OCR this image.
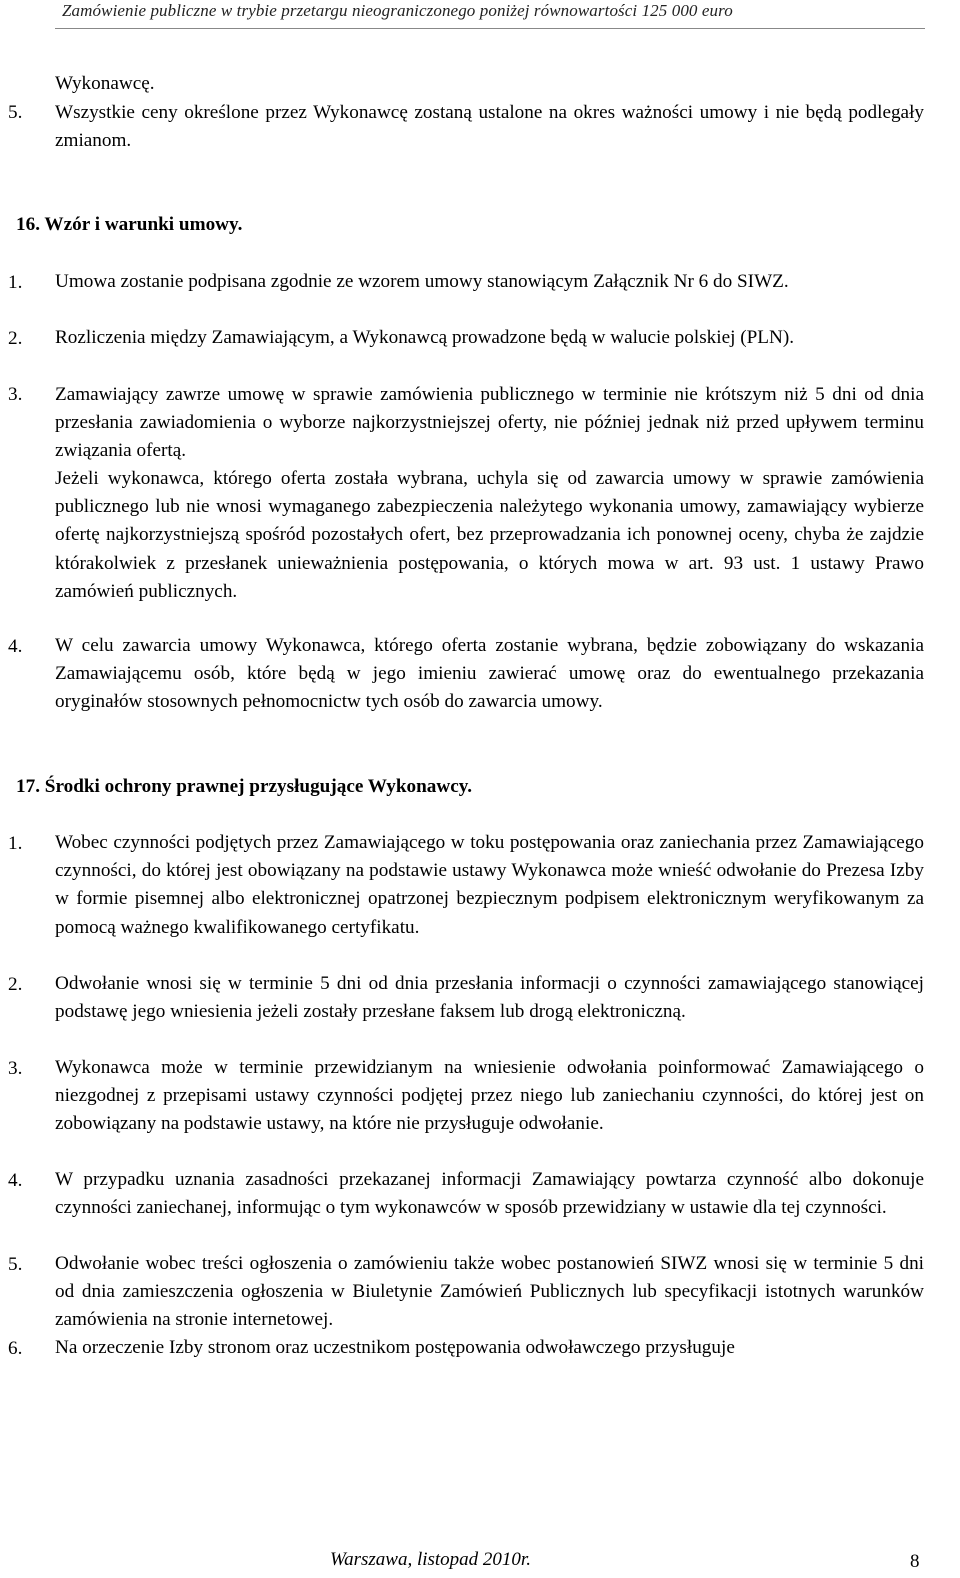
Zamówienie publiczne w trybie przetargu nieograniczonego poniżej równowartości 125 000 euro
Wykonawcę.
5. Wszystkie ceny określone przez Wykonawcę zostaną ustalone na okres ważności umowy i nie będą podlegały zmianom.
16. Wzór i warunki umowy.
1. Umowa zostanie podpisana zgodnie ze wzorem umowy stanowiącym Załącznik Nr 6 do SIWZ.
2. Rozliczenia między Zamawiającym, a Wykonawcą prowadzone będą w walucie polskiej (PLN).
3. Zamawiający zawrze umowę w sprawie zamówienia publicznego w terminie nie krótszym niż 5 dni od dnia przesłania zawiadomienia o wyborze najkorzystniejszej oferty, nie później jednak niż przed upływem terminu związania ofertą.
Jeżeli wykonawca, którego oferta została wybrana, uchyla się od zawarcia umowy w sprawie zamówienia publicznego lub nie wnosi wymaganego zabezpieczenia należytego wykonania umowy, zamawiający wybierze ofertę najkorzystniejszą spośród pozostałych ofert, bez przeprowadzania ich ponownej oceny, chyba że zajdzie którakolwiek z przesłanek unieważnienia postępowania, o których mowa w art. 93 ust. 1 ustawy Prawo zamówień publicznych.
4. W celu zawarcia umowy Wykonawca, którego oferta zostanie wybrana, będzie zobowiązany do wskazania Zamawiającemu osób, które będą w jego imieniu zawierać umowę oraz do ewentualnego przekazania oryginałów stosownych pełnomocnictw tych osób do zawarcia umowy.
17. Środki ochrony prawnej przysługujące Wykonawcy.
1. Wobec czynności podjętych przez Zamawiającego w toku postępowania oraz zaniechania przez Zamawiającego czynności, do której jest obowiązany na podstawie ustawy Wykonawca może wnieść odwołanie do Prezesa Izby w formie pisemnej albo elektronicznej opatrzonej bezpiecznym podpisem elektronicznym weryfikowanym za pomocą ważnego kwalifikowanego certyfikatu.
2. Odwołanie wnosi się w terminie 5 dni od dnia przesłania informacji o czynności zamawiającego stanowiącej podstawę jego wniesienia jeżeli zostały przesłane faksem lub drogą elektroniczną.
3. Wykonawca może w terminie przewidzianym na wniesienie odwołania poinformować Zamawiającego o niezgodnej z przepisami ustawy czynności podjętej przez niego lub zaniechaniu czynności, do której jest on zobowiązany na podstawie ustawy, na które nie przysługuje odwołanie.
4. W przypadku uznania zasadności przekazanej informacji Zamawiający powtarza czynność albo dokonuje czynności zaniechanej, informując o tym wykonawców w sposób przewidziany w ustawie dla tej czynności.
5. Odwołanie wobec treści ogłoszenia o zamówieniu także wobec postanowień SIWZ wnosi się w terminie 5 dni od dnia zamieszczenia ogłoszenia w Biuletynie Zamówień Publicznych lub specyfikacji istotnych warunków zamówienia na stronie internetowej.
6. Na orzeczenie Izby stronom oraz uczestnikom postępowania odwoławczego przysługuje
Warszawa, listopad 2010r.	8
